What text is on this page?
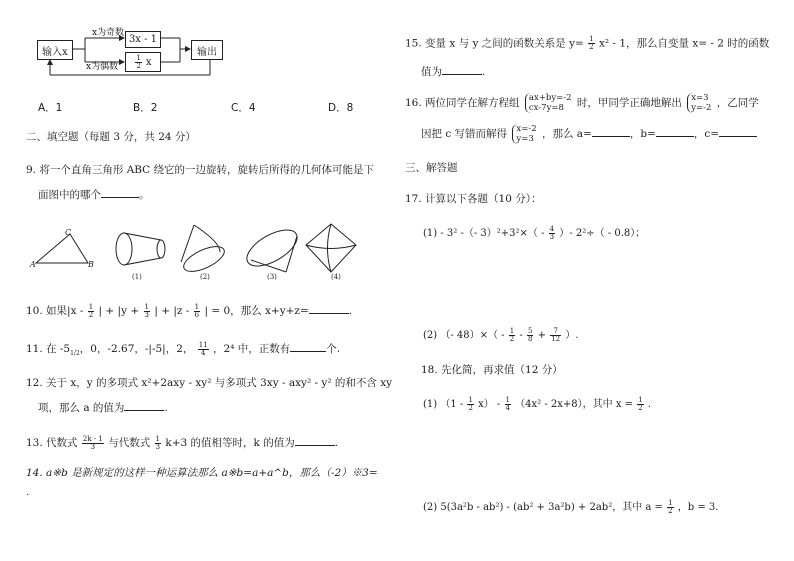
输入x
x为奇数
x为偶数
3x - 1
$\frac{1}{2}$ x
输出
A．1	B．2	C．4	D．8
二、填空题（每题 3 分，共 24 分）
9. 将一个直角三角形 ABC 绕它的一边旋转，旋转后所得的几何体可能是下
面图中的哪个	。
A	B
C
(1)	(2)	(3)	(4)
10. 如果$|x - \frac{1}{2}$ | + $|y + \frac{1}{3}$ | + $|z - \frac{1}{6}$ | = 0，那么 x+y+z=	.
11. 在 $-5_{1/2}$，0，-2.67，-|-5|，2， $\frac{11}{4}$ ，2⁴ 中，正数有	个.
12. 关于 x，y 的多项式 x²+2axy - xy² 与多项式 3xy - axy² - y² 的和不含 xy
项，那么 a 的值为	.
13. 代数式 $\frac{2k - 1}{3}$ 与代数式 $\frac{1}{3} k+3$ 的值相等时，k 的值为	.
14. a※b 是新规定的这样一种运算法那么 a※b=a+a^b，那么（-2）※3=
.
15. 变量 x 与 y 之间的函数关系是 $y= \frac{1}{2} x^2 - 1$，那么自变量 x= - 2 时的函数
值为	.
16. 两位同学在解方程组 ax+by=-2
cx-7y=8	时，甲同学正确地解出 x=3
y=-2 ，乙同学
因把 c 写错而解得 x=-2
y=3 ，那么 a=	，b=	，c=
三、解答题
17. 计算以下各题（10 分）：
(1) - 3² -（- $3)^2+3^2\times( - \frac{4}{3}$ ）- 2²÷（ - 0.8）；
(2) （- $48)\times( - \frac{1}{2} - \frac{5}{8} + \frac{7}{12}$ ）.
18. 先化简，再求值（12 分）
(1) $(1 - \frac{1}{2} x) - \frac{1}{4} (4x^2 - 2x+8)$，其中 $x = \frac{1}{2}$ .
(2) 5(3a²b - ab²) - (ab² + 3a²b) + 2ab²，其中 $a = \frac{1}{2}$ ，b = 3.
